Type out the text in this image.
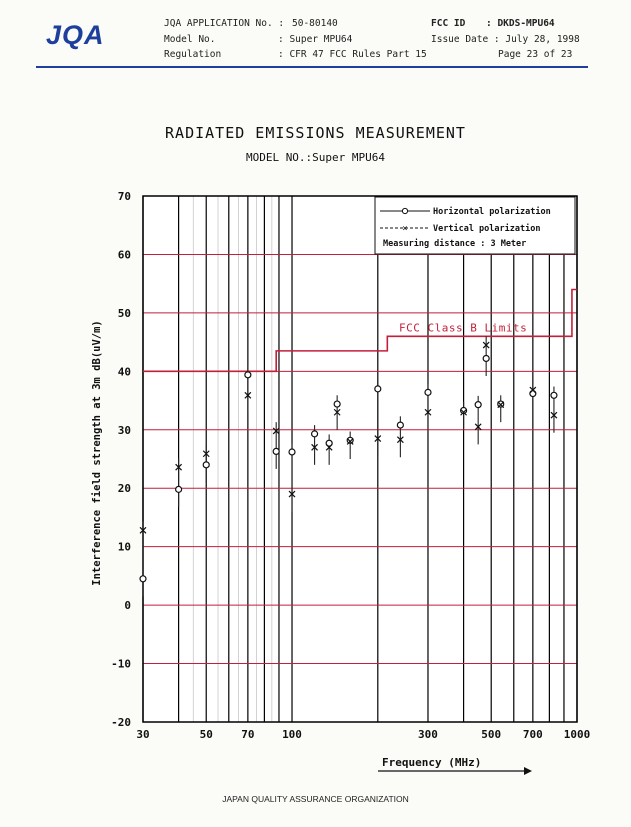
JQA	JQA APPLICATION No. : 50-80140
Model No.	: Super MPU64
Regulation	: CFR 47 FCC Rules Part 15
FCC ID : DKDS-MPU64
Issue Date : July 28, 1998
Page 23 of 23
RADIATED EMISSIONS MEASUREMENT
MODEL NO.:Super MPU64
70
60
50
40
30
20
10
0
-10
-20
30	50	70	100	300	500 700 1000
Interference field strength at 3m dB(uV/m)
Frequency (MHz)
FCC Class B Limits
Horizontal polarization
×	Vertical polarization
Measuring distance : 3 Meter
JAPAN QUALITY ASSURANCE ORGANIZATION
